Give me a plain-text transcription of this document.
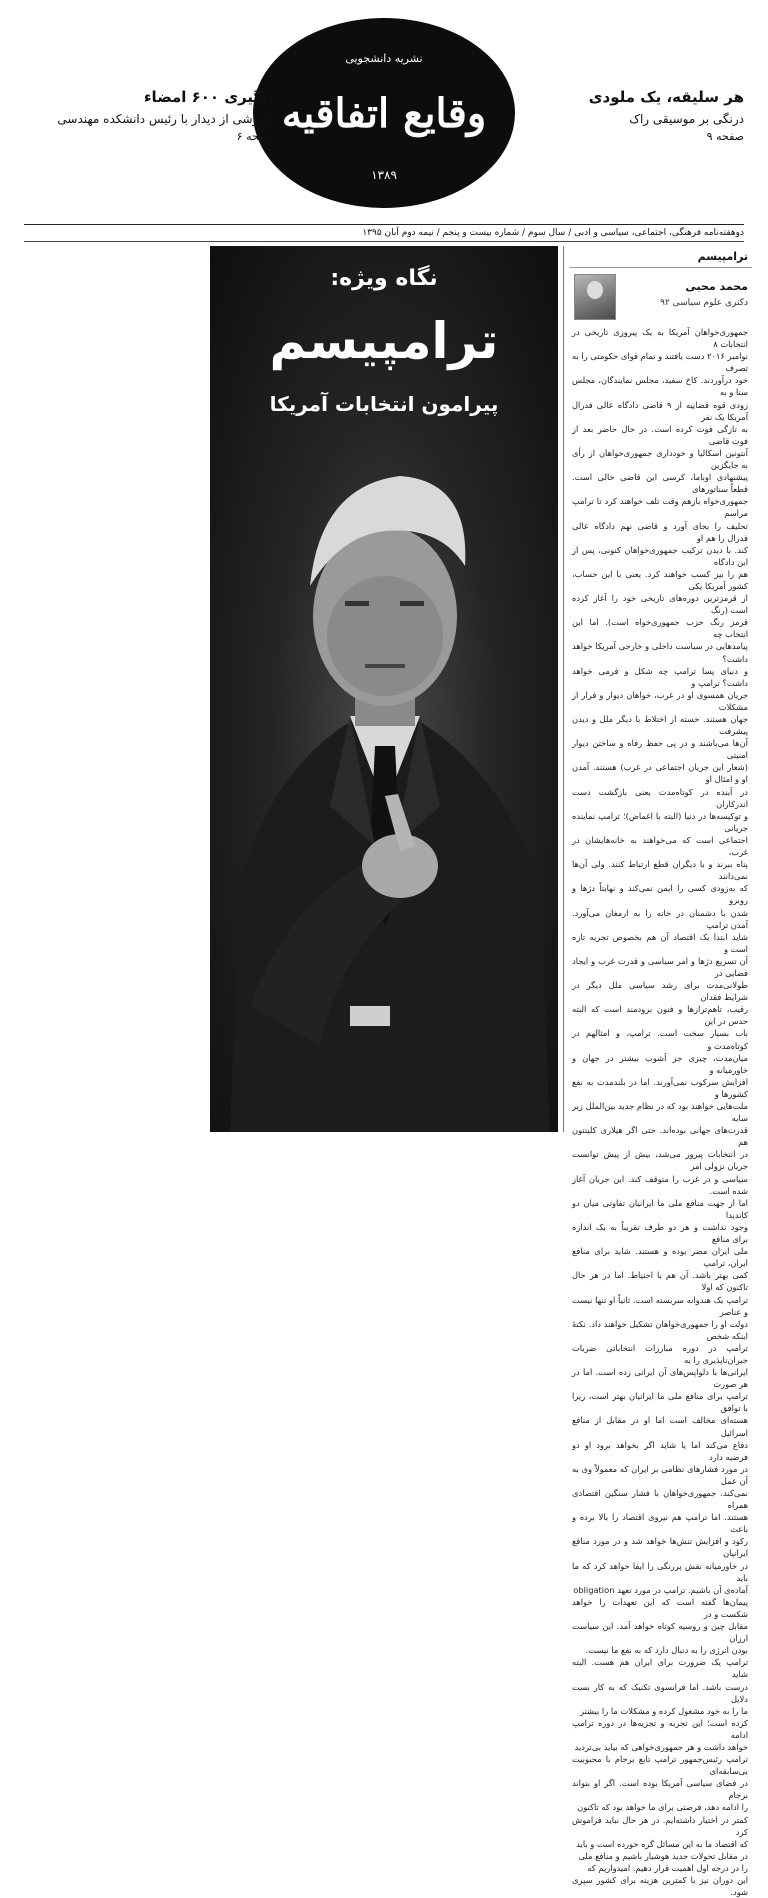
هر سلیقه، یک ملودی
درنگی بر موسیقی راک
صفحه ۹
نشریه دانشجویی
وقایع اتفاقیه
۱۳۸۹
پیگیری ۶۰۰ امضاء
گزارشی از دیدار با رئیس دانشکده مهندسی
صفحه ۶
دوهفته‌نامه فرهنگی، اجتماعی، سیاسی و ادبی / سال سوم / شماره بیست و پنجم / نیمه دوم آبان ۱۳۹۵
نگاه ویژه:
ترامپیسم
پیرامون انتخابات آمریکا
ترامپیسم
محمد محبی
دکتری علوم سیاسی ۹۲
جمهوری‌خواهان آمریکا به یک پیروزی تاریخی در انتخابات ۸
نوامبر ۲۰۱۶ دست یافتند و تمام قوای حکومتی را به تصرف
خود درآوردند. کاخ سفید، مجلس نمایندگان، مجلس سنا و به
زودی قوه قضاییه از ۹ قاضی دادگاه عالی فدرال آمریکا یک نفر
به تازگی فوت کرده است. در حال حاضر بعد از فوت قاضی
آنتونین اسکالیا و خودداری جمهوری‌خواهان از رأی به جایگزین
پیشنهادی اوباما، کرسی این قاضی خالی است. قطعاً سناتورهای
جمهوری‌خواه بازهم وقت تلف خواهند کرد تا ترامپ مراسم
تحلیف را بجای آورد و قاضی نهم دادگاه عالی فدرال را هم او
کند. با دیدن ترکیب جمهوری‌خواهان کنونی، پس از این دادگاه
هم را نیز کسب خواهند کرد. یعنی با این حساب، کشور آمریکا یکی
از قرمزترین دوره‌های تاریخی خود را آغاز کرده است (رنگ
قرمز رنگ حزب جمهوری‌خواه است). اما این انتخاب چه
پیامدهایی در سیاست داخلی و خارجی آمریکا خواهد داشت؟
و دنیای پسا ترامپ چه شکل و فرمی خواهد داشت؟ ترامپ و
جریان همسوی او در غرب، خواهان دیوار و فرار از مشکلات
جهان هستند. خسته از اختلاط با دیگر ملل و دیدن پیشرفت
آن‌ها می‌باشند و در پی حفظ رفاه و ساختن دیوار امنیتی
(شعار این جریان اجتماعی در غرب) هستند. آمدن او و امثال او
در آینده در کوتاه‌مدت یعنی بازگشت دست اندرکاران
و توکیسه‌ها در دنیا (البته با اغماض)؛ ترامپ نماینده جریانی
اجتماعی است که می‌خواهند به خانه‌هایشان در غرب،
پناه ببرند و با دیگران قطع ارتباط کنند. ولی آن‌ها نمی‌دانند
که به‌زودی کسی را ایمن نمی‌کند و نهایتاً دژها و روبرو
شدن با دشمنان در خانه را به ارمغان می‌آورد. آمدن ترامپ
شاید ابتدا یک اقتصاد آن هم بخصوص تجربه تازه است و
آن تسریع دژها و امر سیاسی و قدرت غرب و ایجاد فضایی در
طولانی‌مدت برای رشد سیاسی ملل دیگر در شرایط فقدان
رقیب، تاهم‌ترازها و فنون‌ برودمند است که البته حدس در این
باب بسیار سخت است. ترامپ، و امثالهم در کوتاه‌مدت و
میان‌مدت، چیزی جز آشوب بیشتر در جهان و خاورمیانه و
افزایش سرکوب نمی‌آورند. اما در بلندمدت به نفع کشورها و
ملت‌هایی خواهند بود که در نظام جدید بین‌الملل زیر سایه
قدرت‌های جهانی بوده‌اند. حتی اگر هیلاری کلینتون هم
در انتخابات پیروز می‌شد، بیش از پیش توانست جریان نزولی امر
سیاسی و در غرب را متوقف کند. این جریان آغاز شده است.
اما از جهت منافع ملی ما ایرانیان تفاوتی میان دو کاندیدا
وجود نداشت و هر دو طرف تقریباً به یک اندازه برای منافع
ملی ایران مضر بوده و هستند. شاید برای منافع ایران، ترامپ
کمی بهتر باشد. آن هم با احتیاط. اما در هر حال تاکنون که اولا
ترامپ یک هندوانه سربسته است. ثانیاً او تنها نیست و عناصر
دولت او را جمهوری‌خواهان تشکیل خواهند داد. نکتۀ اینکه شخص
ترامپ در دوره مبارزات انتخاباتی ضربات جبران‌ناپذیری را به
ایرانی‌ها با دلواپس‌های آن ایرانی زده است. اما در هر صورت
ترامپ برای منافع ملی ما ایرانیان بهتر است، زیرا با توافق
هسته‌ای مخالف است اما او در مقابل از منافع اسرائیل
دفاع می‌کند اما یا شاید اگر بخواهد برود او دو فرضیه دارد
در مورد فشارهای نظامی بر ایران که معمولاً وی به آن عمل
نمی‌کند. جمهوری‌خواهان با فشار سنگین اقتصادی همراه
هستند. اما ترامپ هم نیروی اقتصاد را بالا برده و باعث
رکود و افزایش تنش‌ها خواهد شد و در مورد منافع ایرانیان
در خاورمیانه نقش پررنگی را ایفا خواهد کرد که ما باید
آماده‌ی آن باشیم. ترامپ در مورد تعهد obligation
پیمان‌ها گفته است که این تعهدات را خواهد شکست و در
مقابل چین و روسیه کوتاه خواهد آمد. این سیاست ارزان
بودن انرژی را به دنبال دارد که به نفع ما نیست.
ترامپ یک ضرورت برای ایران هم هست. البته شاید
درست باشد. اما فرانسوی تکنیک که به کار بست دلایل
ما را به خود مشغول کرده و مشکلات ما را بیشتر
کرده است؛ این تجربه و تجزیه‌ها در دوره ترامپ ادامه
خواهد داشت و هر جمهوری‌خواهی که بیاید بی‌تردید
ترامپ رئیس‌جمهور ترامپ تابع برجام با محبوبیت بی‌سابقه‌ای
در فضای سیاسی آمریکا بوده است. اگر او بتواند برجام
را ادامه دهد، فرصتی برای ما خواهد بود که تاکنون
کمتر در اختیار داشته‌ایم. در هر حال نباید فراموش کرد
که اقتصاد ما به این مسائل گره خورده است و باید
در مقابل تحولات جدید هوشیار باشیم و منافع ملی
را در درجه اول اهمیت قرار دهیم. امیدواریم که
این دوران نیز با کمترین هزینه برای کشور سپری شود.
